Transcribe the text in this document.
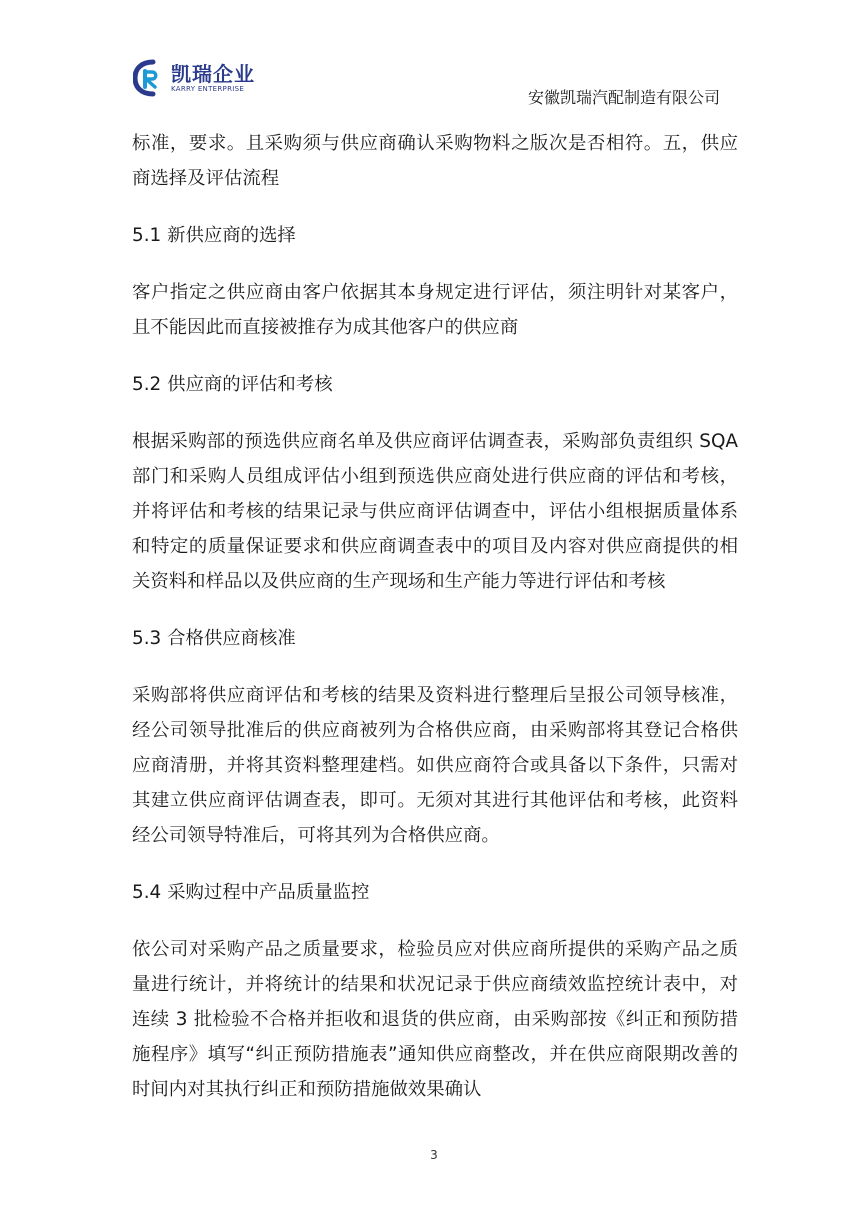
凯瑞企业
KARRY ENTERPRISE	安徽凯瑞汽配制造有限公司

标准，要求。且采购须与供应商确认采购物料之版次是否相符。五，供应商选择及评估流程

5.1 新供应商的选择

客户指定之供应商由客户依据其本身规定进行评估，须注明针对某客户，且不能因此而直接被推存为成其他客户的供应商

5.2 供应商的评估和考核

根据采购部的预选供应商名单及供应商评估调查表，采购部负责组织 SQA 部门和采购人员组成评估小组到预选供应商处进行供应商的评估和考核，并将评估和考核的结果记录与供应商评估调查中，评估小组根据质量体系和特定的质量保证要求和供应商调查表中的项目及内容对供应商提供的相关资料和样品以及供应商的生产现场和生产能力等进行评估和考核

5.3 合格供应商核准

采购部将供应商评估和考核的结果及资料进行整理后呈报公司领导核准，经公司领导批准后的供应商被列为合格供应商，由采购部将其登记合格供应商清册，并将其资料整理建档。如供应商符合或具备以下条件，只需对其建立供应商评估调查表，即可。无须对其进行其他评估和考核，此资料经公司领导特准后，可将其列为合格供应商。

5.4 采购过程中产品质量监控

依公司对采购产品之质量要求，检验员应对供应商所提供的采购产品之质量进行统计，并将统计的结果和状况记录于供应商绩效监控统计表中，对连续 3 批检验不合格并拒收和退货的供应商，由采购部按《纠正和预防措施程序》填写“纠正预防措施表”通知供应商整改，并在供应商限期改善的时间内对其执行纠正和预防措施做效果确认

3
